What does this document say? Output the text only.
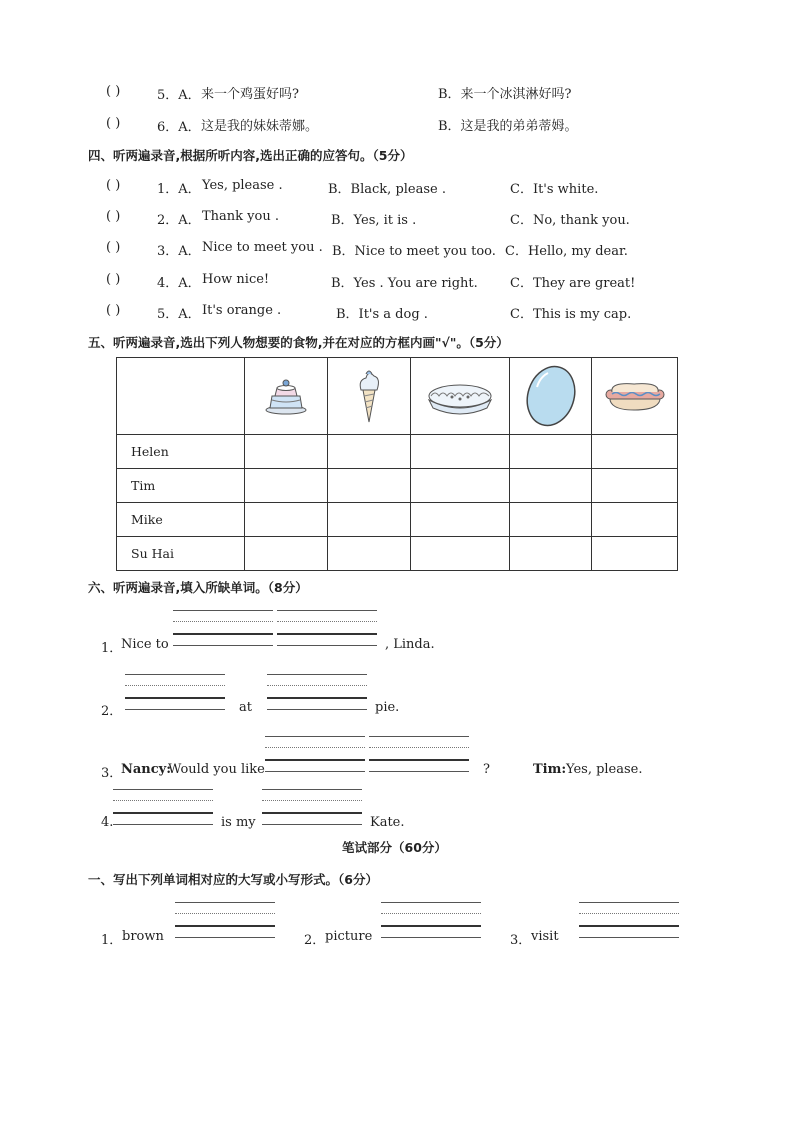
( )	5．A． 来一个鸡蛋好吗?	B．来一个冰淇淋好吗?
( )	6．A． 这是我的妹妹蒂娜。	B．这是我的弟弟蒂姆。
四、听两遍录音,根据所听内容,选出正确的应答句。（5分）
( )	1．A． Yes, please .	B．Black, please .	C．It's white.
( )	2．A． Thank you .	B．Yes, it is .	C．No, thank you.
( )	3．A． Nice to meet you . B．Nice to meet you too. C．Hello, my dear.
( )	4．A． How nice!	B．Yes . You are right. C．They are great!
( )	5．A． It's orange .	B．It's a dog .	C．This is my cap.
五、听两遍录音,选出下列人物想要的食物,并在对应的方框内画"√"。（5分）

Helen					
Tim					
Mike					
Su Hai					
六、听两遍录音,填入所缺单词。（8分）
1．
Nice to	, Linda.
2．	at	pie.
3．
Nancy:
Would you like	?	Tim: Yes, please.
4.	is my	Kate.
笔试部分（60分）
一、写出下列单词相对应的大写或小写形式。（6分）
1． brown	2． picture	3． visit
